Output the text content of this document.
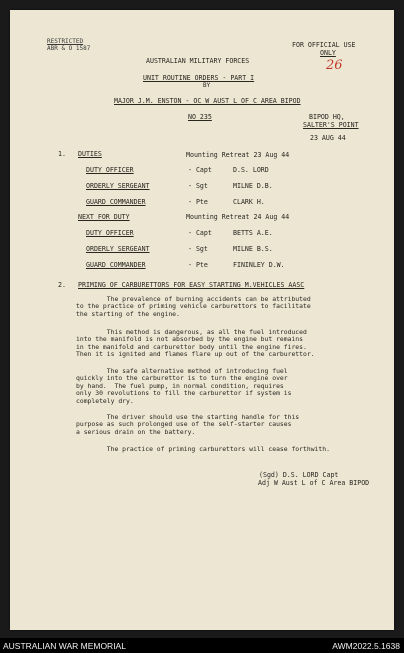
RESTRICTED
ABR & O 1587	FOR OFFICIAL USE
ONLY
26
AUSTRALIAN MILITARY FORCES
UNIT ROUTINE ORDERS - PART I
BY
MAJOR J.M. ENSTON - OC W AUST L OF C AREA BIPOD
NO 235	BIPOD HQ,
SALTER'S POINT
23 AUG 44
1. DUTIES	Mounting Retreat 23 Aug 44
DUTY OFFICER	- Capt	D.S. LORD
ORDERLY SERGEANT	- Sgt	MILNE D.B.
GUARD COMMANDER	- Pte	CLARK H.
NEXT FOR DUTY	Mounting Retreat 24 Aug 44
DUTY OFFICER	- Capt	BETTS A.E.
ORDERLY SERGEANT	- Sgt	MILNE B.S.
GUARD COMMANDER	- Pte	FININLEY D.W.
2. PRIMING OF CARBURETTORS FOR EASY STARTING M.VEHICLES AASC
The prevalence of burning accidents can be attributed
to the practice of priming vehicle carburettors to facilitate
the starting of the engine.
This method is dangerous, as all the fuel introduced
into the manifold is not absorbed by the engine but remains
in the manifold and carburettor body until the engine fires.
Then it is ignited and flames flare up out of the carburettor.
The safe alternative method of introducing fuel
quickly into the carburettor is to turn the engine over
by hand.  The fuel pump, in normal condition, requires
only 30 revolutions to fill the carburettor if system is
completely dry.
The driver should use the starting handle for this
purpose as such prolonged use of the self-starter causes
a serious drain on the battery.
The practice of priming carburettors will cease forthwith.
(Sgd) D.S. LORD Capt
Adj W Aust L of C Area BIPOD
AUSTRALIAN WAR MEMORIAL	AWM2022.5.1638
